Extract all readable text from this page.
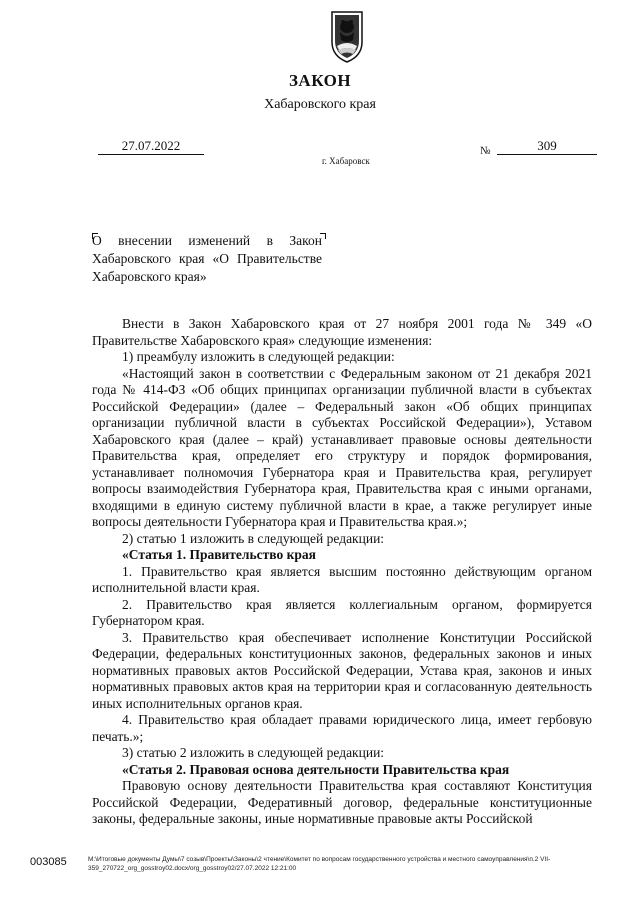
ЗАКОН
Хабаровского края
27.07.2022
г. Хабаровск
№	309
О внесении изменений в Закон Хабаровского края «О Правительстве Хабаровского края»

Внести в Закон Хабаровского края от 27 ноября 2001 года № 349 «О Правительстве Хабаровского края» следующие изменения:

1) преамбулу изложить в следующей редакции:

«Настоящий закон в соответствии с Федеральным законом от 21 декабря 2021 года № 414-ФЗ «Об общих принципах организации публичной власти в субъектах Российской Федерации» (далее – Федеральный закон «Об общих принципах организации публичной власти в субъектах Российской Федерации»), Уставом Хабаровского края (далее – край) устанавливает правовые основы деятельности Правительства края, определяет его структуру и порядок формирования, устанавливает полномочия Губернатора края и Правительства края, регулирует вопросы взаимодействия Губернатора края, Правительства края с иными органами, входящими в единую систему публичной власти в крае, а также регулирует иные вопросы деятельности Губернатора края и Правительства края.»;

2) статью 1 изложить в следующей редакции:

«Статья 1. Правительство края

1. Правительство края является высшим постоянно действующим органом исполнительной власти края.

2. Правительство края является коллегиальным органом, формируется Губернатором края.

3. Правительство края обеспечивает исполнение Конституции Российской Федерации, федеральных конституционных законов, федеральных законов и иных нормативных правовых актов Российской Федерации, Устава края, законов и иных нормативных правовых актов края на территории края и согласованную деятельность иных исполнительных органов края.

4. Правительство края обладает правами юридического лица, имеет гербовую печать.»;

3) статью 2 изложить в следующей редакции:

«Статья 2. Правовая основа деятельности Правительства края

Правовую основу деятельности Правительства края составляют Конституция Российской Федерации, Федеративный договор, федеральные конституционные законы, федеральные законы, иные нормативные правовые акты Российской

003085	M:\Итоговые документы Думы\7 созыв\Проекты\Законы\2 чтение\Комитет по вопросам государственного устройства и местного самоуправления\п.2 VII-359_270722_org_gosstroy02.docx/org_gosstroy02/27.07.2022 12:21:00
